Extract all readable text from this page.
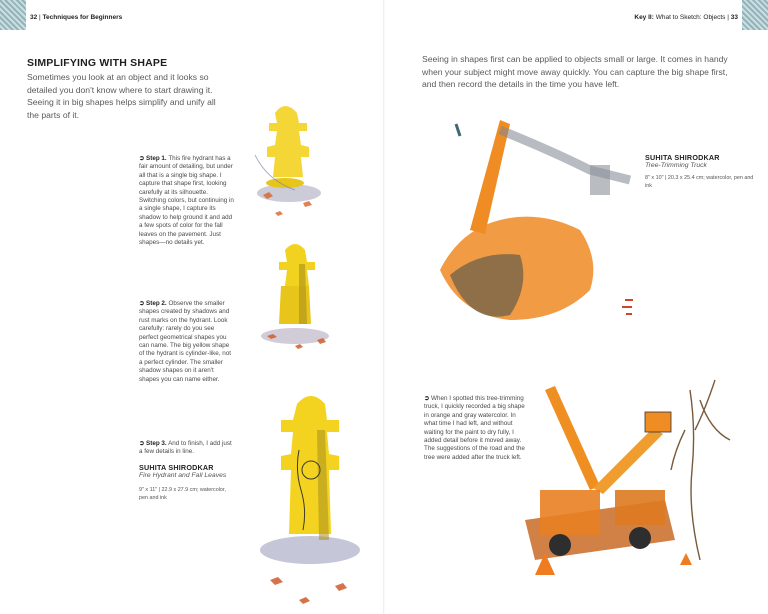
32 | Techniques for Beginners	Key II: What to Sketch: Objects | 33
SIMPLIFYING WITH SHAPE
Sometimes you look at an object and it looks so detailed you don't know where to start drawing it. Seeing it in big shapes helps simplify and unify all the parts of it.
➲ Step 1. This fire hydrant has a fair amount of detailing, but under all that is a single big shape. I capture that shape first, looking carefully at its silhouette. Switching colors, but continuing in a single shape, I capture its shadow to help ground it and add a few spots of color for the fall leaves on the pavement. Just shapes—no details yet.
➲ Step 2. Observe the smaller shapes created by shadows and rust marks on the hydrant. Look carefully: rarely do you see perfect geometrical shapes you can name. The big yellow shape of the hydrant is cylinder-like, not a perfect cylinder. The smaller shadow shapes on it aren't shapes you can name either.
➲ Step 3. And to finish, I add just a few details in line.
SUHITA SHIRODKAR
Fire Hydrant and Fall Leaves
9" x 11" | 22.9 x 27.9 cm; watercolor, pen and ink
Seeing in shapes first can be applied to objects small or large. It comes in handy when your subject might move away quickly. You can capture the big shape first, and then record the details in the time you have left.
SUHITA SHIRODKAR
Tree-Trimming Truck
8" x 10" | 20.3 x 25.4 cm; watercolor, pen and ink
➲ When I spotted this tree-trimming truck, I quickly recorded a big shape in orange and gray watercolor. In what time I had left, and without waiting for the paint to dry fully, I added detail before it moved away. The suggestions of the road and the tree were added after the truck left.
